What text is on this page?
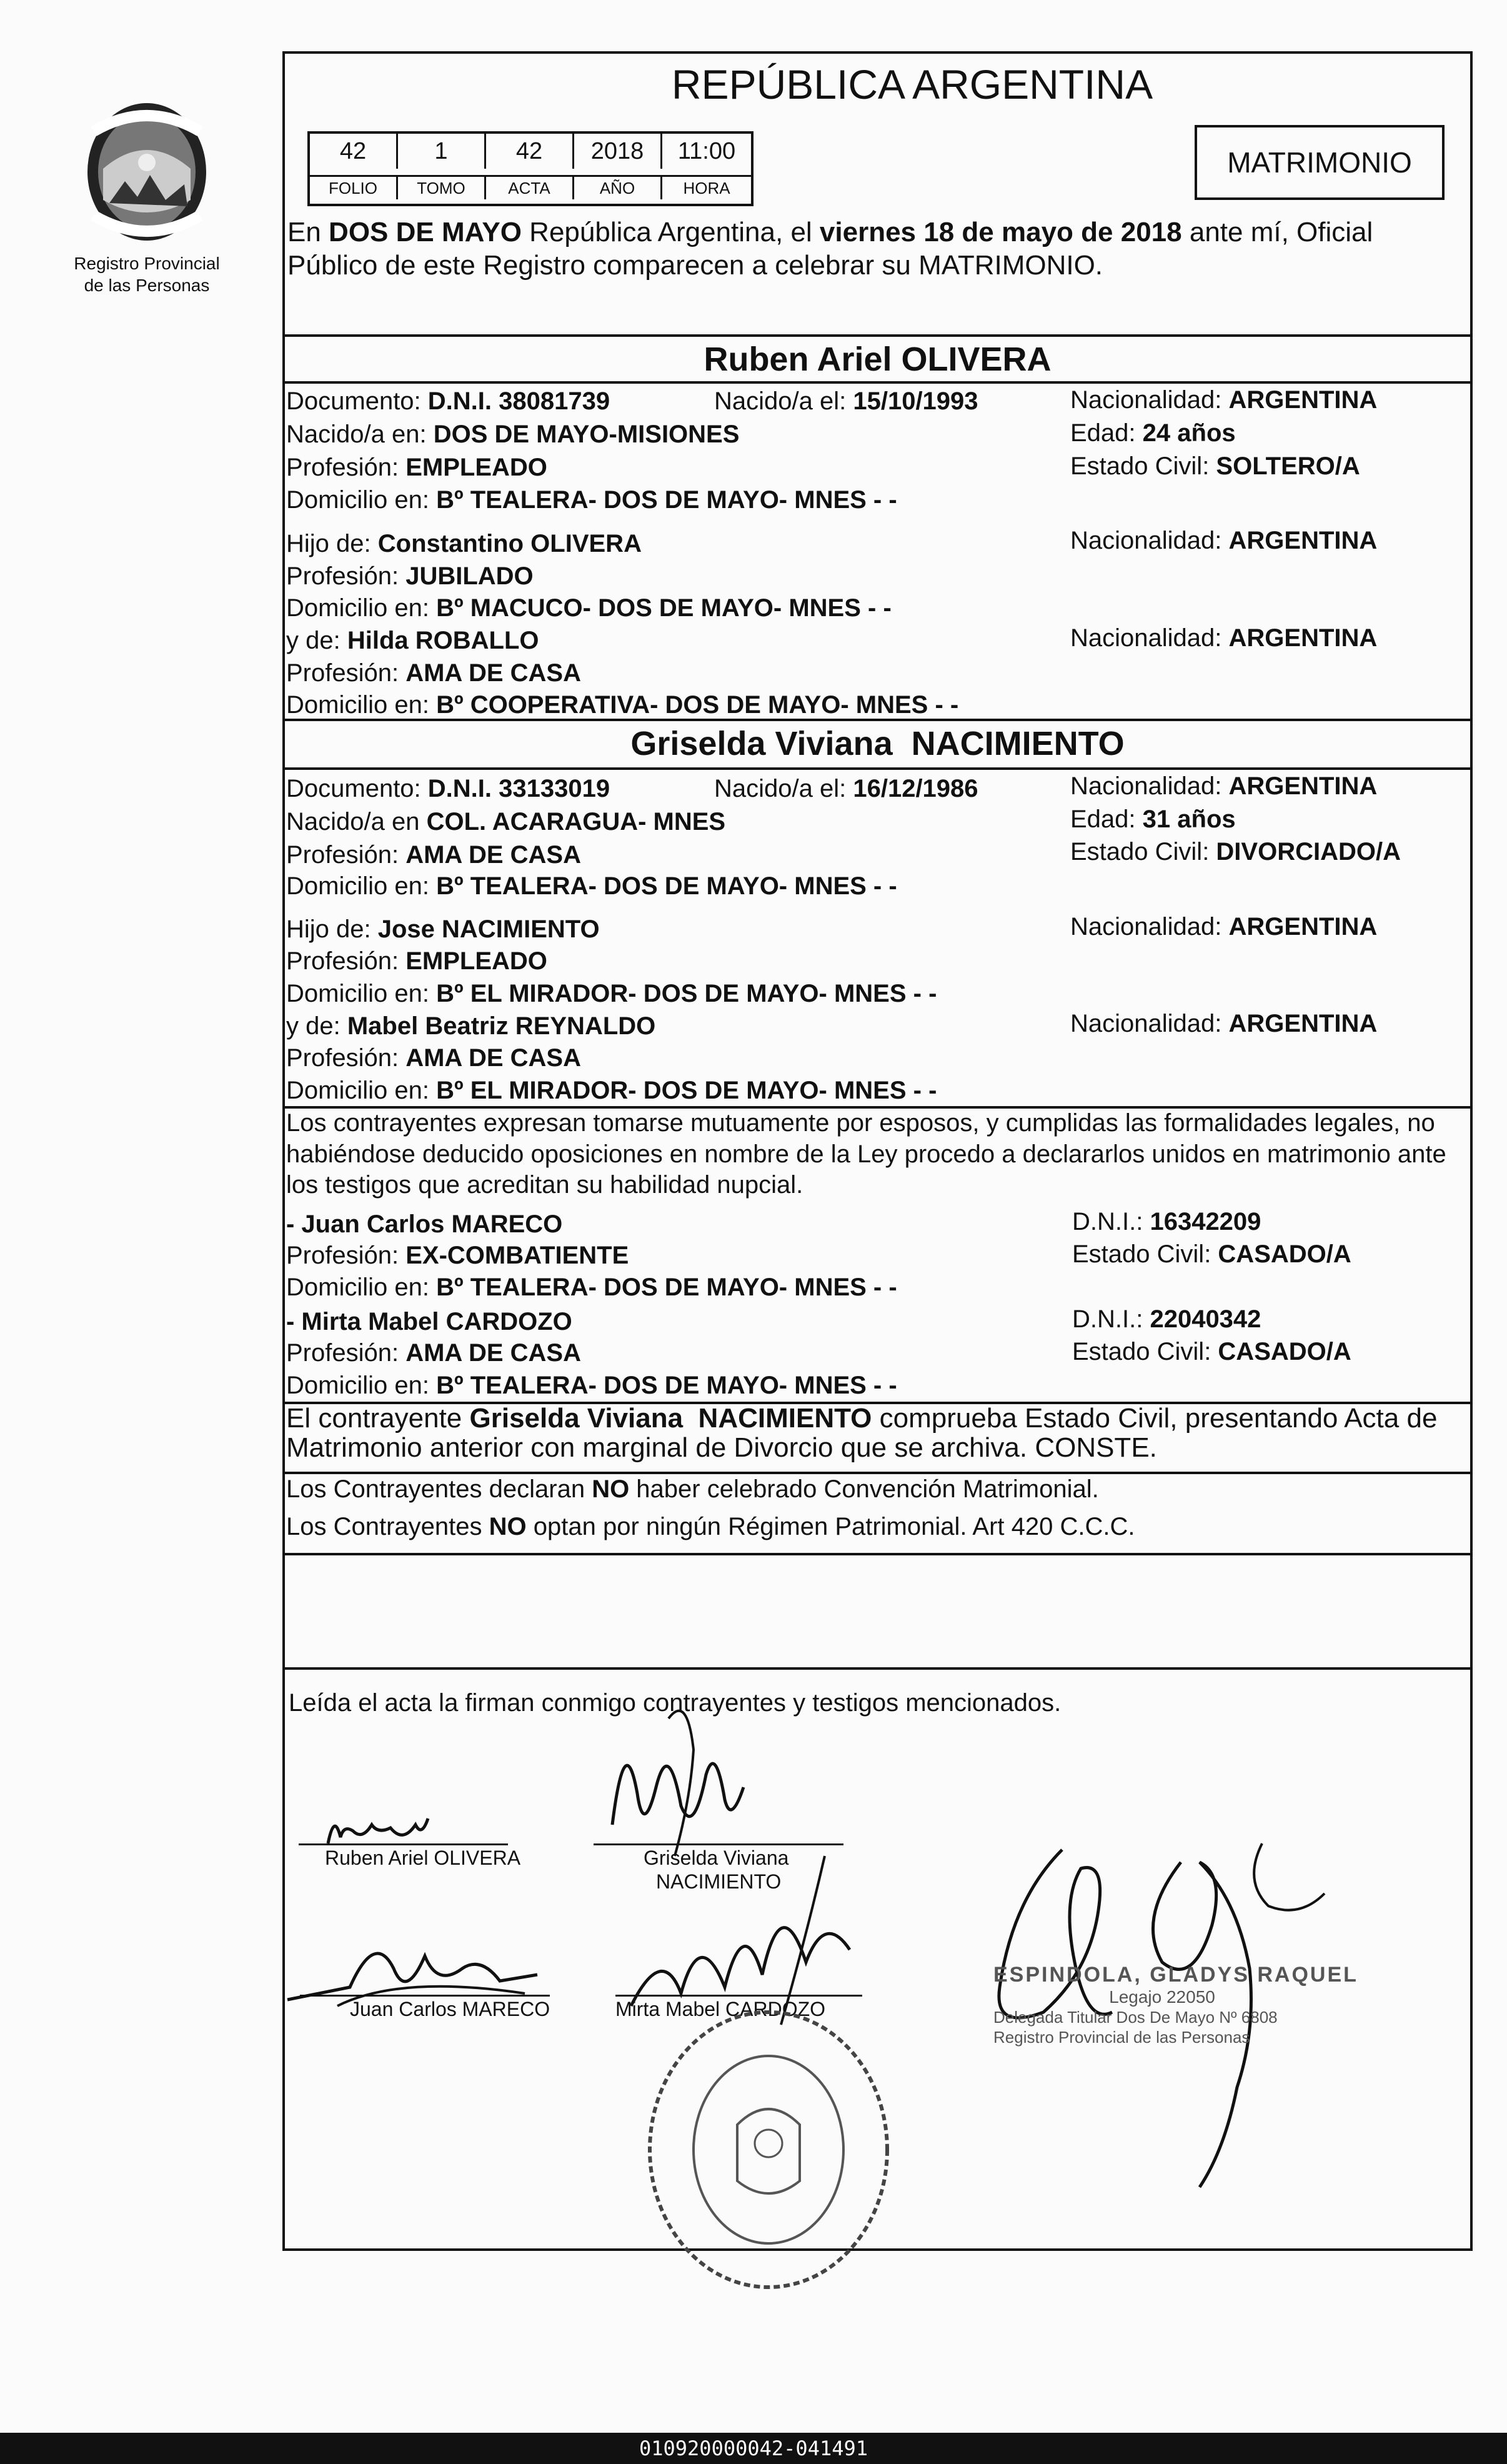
Registro Provincial
de las Personas
REPÚBLICA ARGENTINA
42	1	42	2018	11:00
FOLIO	TOMO	ACTA	AÑO	HORA
MATRIMONIO
En DOS DE MAYO República Argentina, el viernes 18 de mayo de 2018 ante mí, Oficial
Público de este Registro comparecen a celebrar su MATRIMONIO.
Ruben Ariel OLIVERA
Documento: D.N.I. 38081739	Nacido/a el: 15/10/1993	Nacionalidad: ARGENTINA
Nacido/a en: DOS DE MAYO-MISIONES	Edad: 24 años
Profesión: EMPLEADO	Estado Civil: SOLTERO/A
Domicilio en: Bº TEALERA- DOS DE MAYO- MNES - -
Hijo de: Constantino OLIVERA	Nacionalidad: ARGENTINA
Profesión: JUBILADO
Domicilio en: Bº MACUCO- DOS DE MAYO- MNES - -
y de: Hilda ROBALLO	Nacionalidad: ARGENTINA
Profesión: AMA DE CASA
Domicilio en: Bº COOPERATIVA- DOS DE MAYO- MNES - -
Griselda Viviana  NACIMIENTO
Documento: D.N.I. 33133019	Nacido/a el: 16/12/1986	Nacionalidad: ARGENTINA
Nacido/a en COL. ACARAGUA- MNES	Edad: 31 años
Profesión: AMA DE CASA	Estado Civil: DIVORCIADO/A
Domicilio en: Bº TEALERA- DOS DE MAYO- MNES - -
Hijo de: Jose NACIMIENTO	Nacionalidad: ARGENTINA
Profesión: EMPLEADO
Domicilio en: Bº EL MIRADOR- DOS DE MAYO- MNES - -
y de: Mabel Beatriz REYNALDO	Nacionalidad: ARGENTINA
Profesión: AMA DE CASA
Domicilio en: Bº EL MIRADOR- DOS DE MAYO- MNES - -
Los contrayentes expresan tomarse mutuamente por esposos, y cumplidas las formalidades legales, no
habiéndose deducido oposiciones en nombre de la Ley procedo a declararlos unidos en matrimonio ante
los testigos que acreditan su habilidad nupcial.
- Juan Carlos MARECO	D.N.I.: 16342209
Profesión: EX-COMBATIENTE	Estado Civil: CASADO/A
Domicilio en: Bº TEALERA- DOS DE MAYO- MNES - -
- Mirta Mabel CARDOZO	D.N.I.: 22040342
Profesión: AMA DE CASA	Estado Civil: CASADO/A
Domicilio en: Bº TEALERA- DOS DE MAYO- MNES - -
El contrayente Griselda Viviana  NACIMIENTO comprueba Estado Civil, presentando Acta de
Matrimonio anterior con marginal de Divorcio que se archiva. CONSTE.
Los Contrayentes declaran NO haber celebrado Convención Matrimonial.
Los Contrayentes NO optan por ningún Régimen Patrimonial. Art 420 C.C.C.
Leída el acta la firman conmigo contrayentes y testigos mencionados.
Ruben Ariel OLIVERA	Griselda Viviana
NACIMIENTO
Juan Carlos MARECO	Mirta Mabel CARDOZO
ESPINDOLA, GLADYS RAQUEL
Legajo 22050
Delegada Titular Dos De Mayo Nº 6808
Registro Provincial de las Personas
010920000042-041491
